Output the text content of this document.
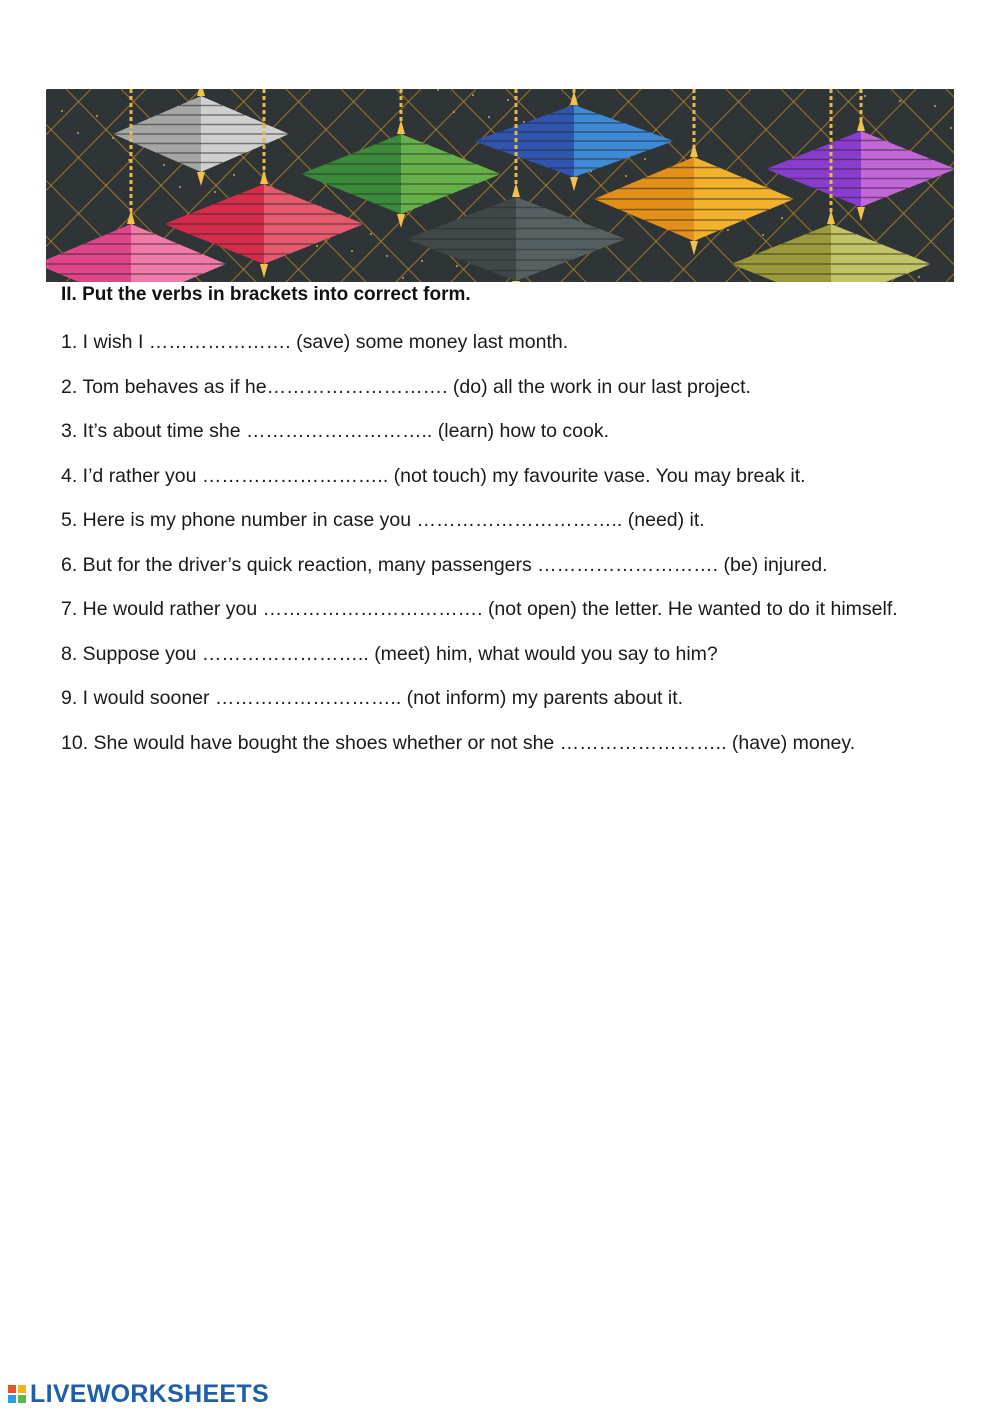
II. Put the verbs in brackets into correct form.
1. I wish I …………………. (save) some money last month.
2. Tom behaves as if he………………………. (do) all the work in our last project.
3. It’s about time she ……………………….. (learn) how to cook.
4. I’d rather you ……………………….. (not touch) my favourite vase. You may break it.
5. Here is my phone number in case you ………………………….. (need) it.
6. But for the driver’s quick reaction, many passengers ………………………. (be) injured.
7. He would rather you ……………………………. (not open) the letter. He wanted to do it himself.
8. Suppose you …………………….. (meet) him, what would you say to him?
9. I would sooner ……………………….. (not inform) my parents about it.
10. She would have bought the shoes whether or not she …………………….. (have) money.
LIVEWORKSHEETS
